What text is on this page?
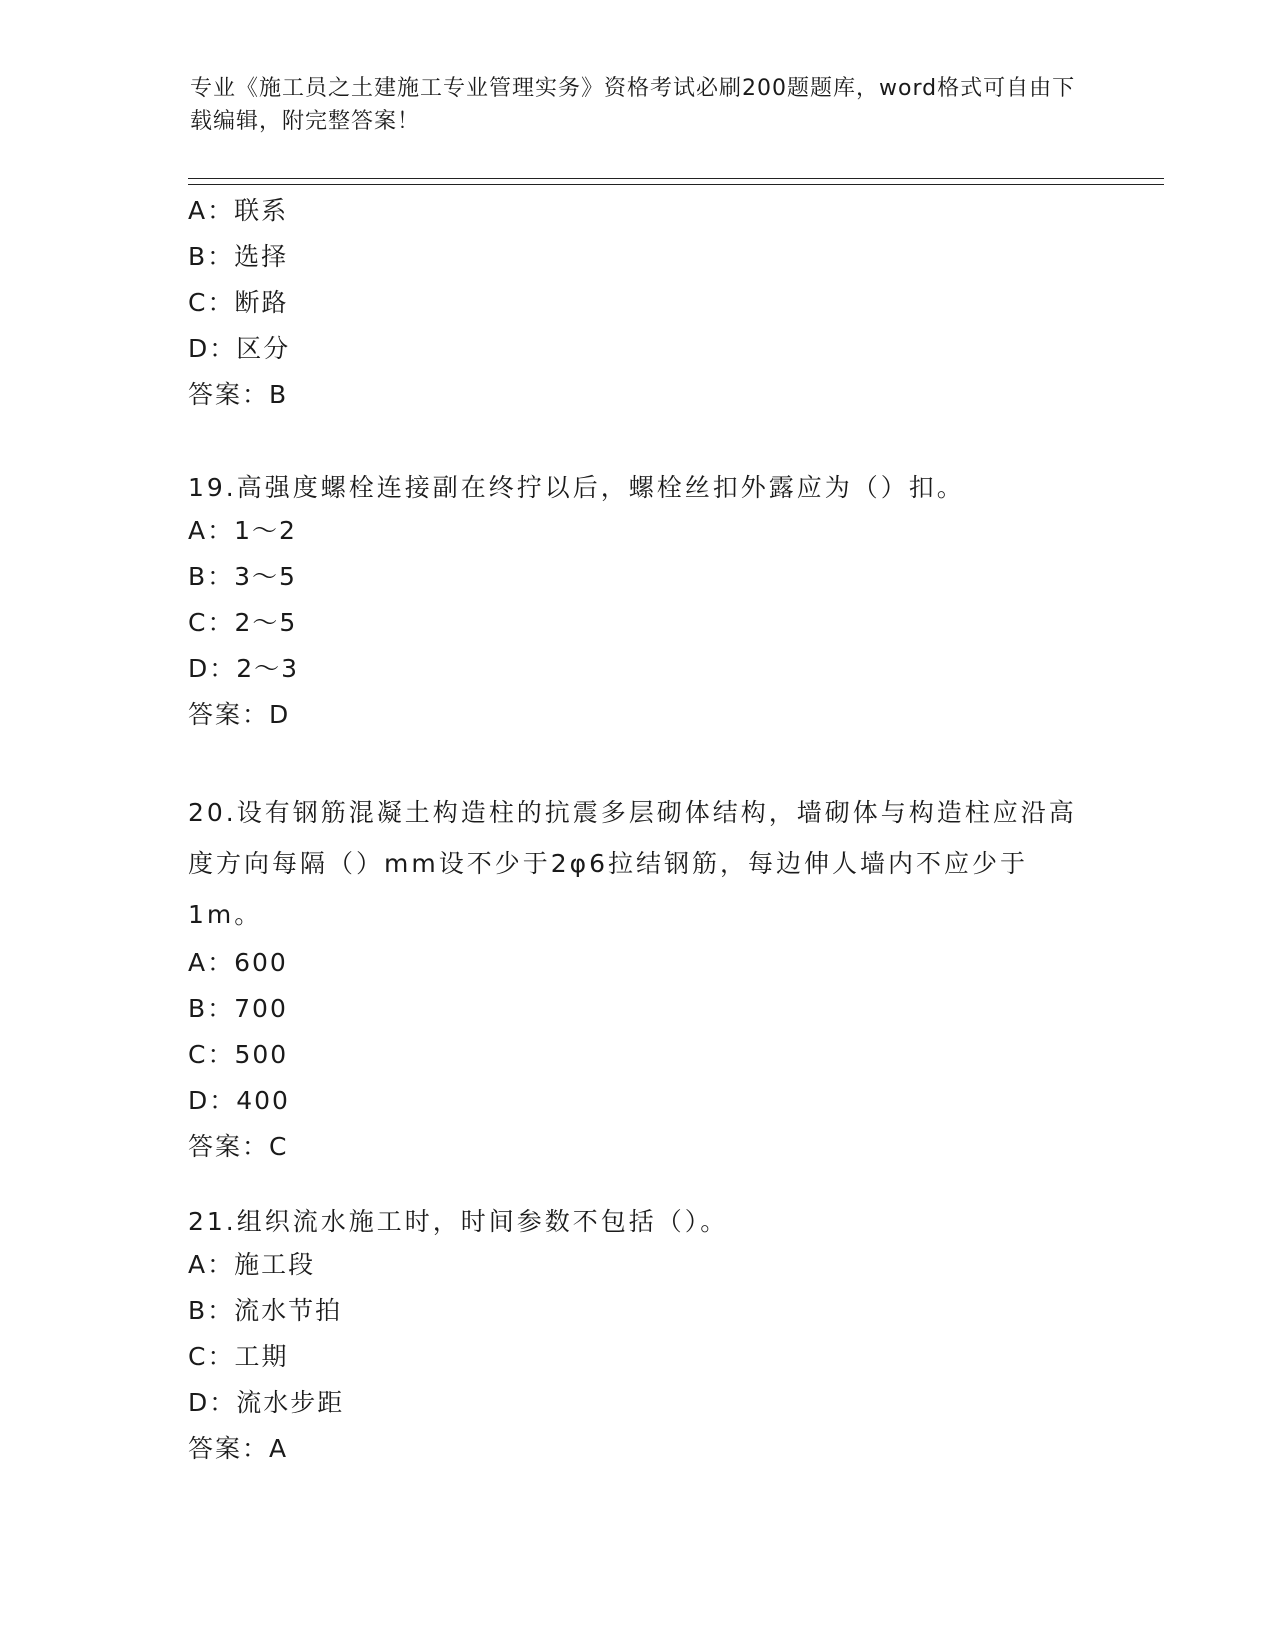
专业《施工员之土建施工专业管理实务》资格考试必刷200题题库，word格式可自由下载编辑，附完整答案！
A：联系
B：选择
C：断路
D：区分
答案：B
19.高强度螺栓连接副在终拧以后，螺栓丝扣外露应为（）扣。
A：1～2
B：3～5
C：2～5
D：2～3
答案：D
20.设有钢筋混凝土构造柱的抗震多层砌体结构，墙砌体与构造柱应沿高度方向每隔（）mm设不少于2φ6拉结钢筋，每边伸人墙内不应少于1m。
A：600
B：700
C：500
D：400
答案：C
21.组织流水施工时，时间参数不包括（）。
A：施工段
B：流水节拍
C：工期
D：流水步距
答案：A
